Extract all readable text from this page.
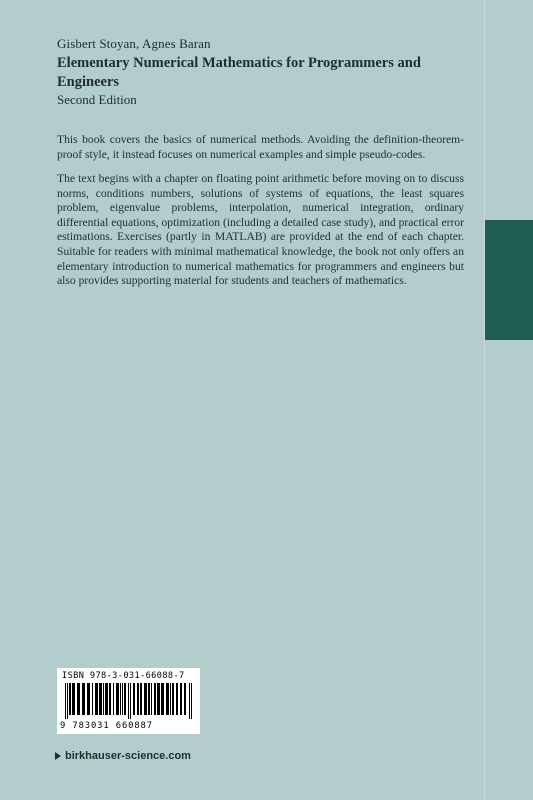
Gisbert Stoyan, Agnes Baran
Elementary Numerical Mathematics for Programmers and Engineers
Second Edition

This book covers the basics of numerical methods. Avoiding the definition-theorem-proof style, it instead focuses on numerical examples and simple pseudo-codes.

The text begins with a chapter on floating point arithmetic before moving on to discuss norms, conditions numbers, solutions of systems of equations, the least squares problem, eigenvalue problems, interpolation, numerical integration, ordinary differential equations, optimization (including a detailed case study), and practical error estimations. Exercises (partly in MATLAB) are provided at the end of each chapter. Suitable for readers with minimal mathematical knowledge, the book not only offers an elementary introduction to numerical mathematics for programmers and engineers but also provides supporting material for students and teachers of mathematics.

ISBN 978-3-031-66088-7
9 783031 660887
birkhauser-science.com
